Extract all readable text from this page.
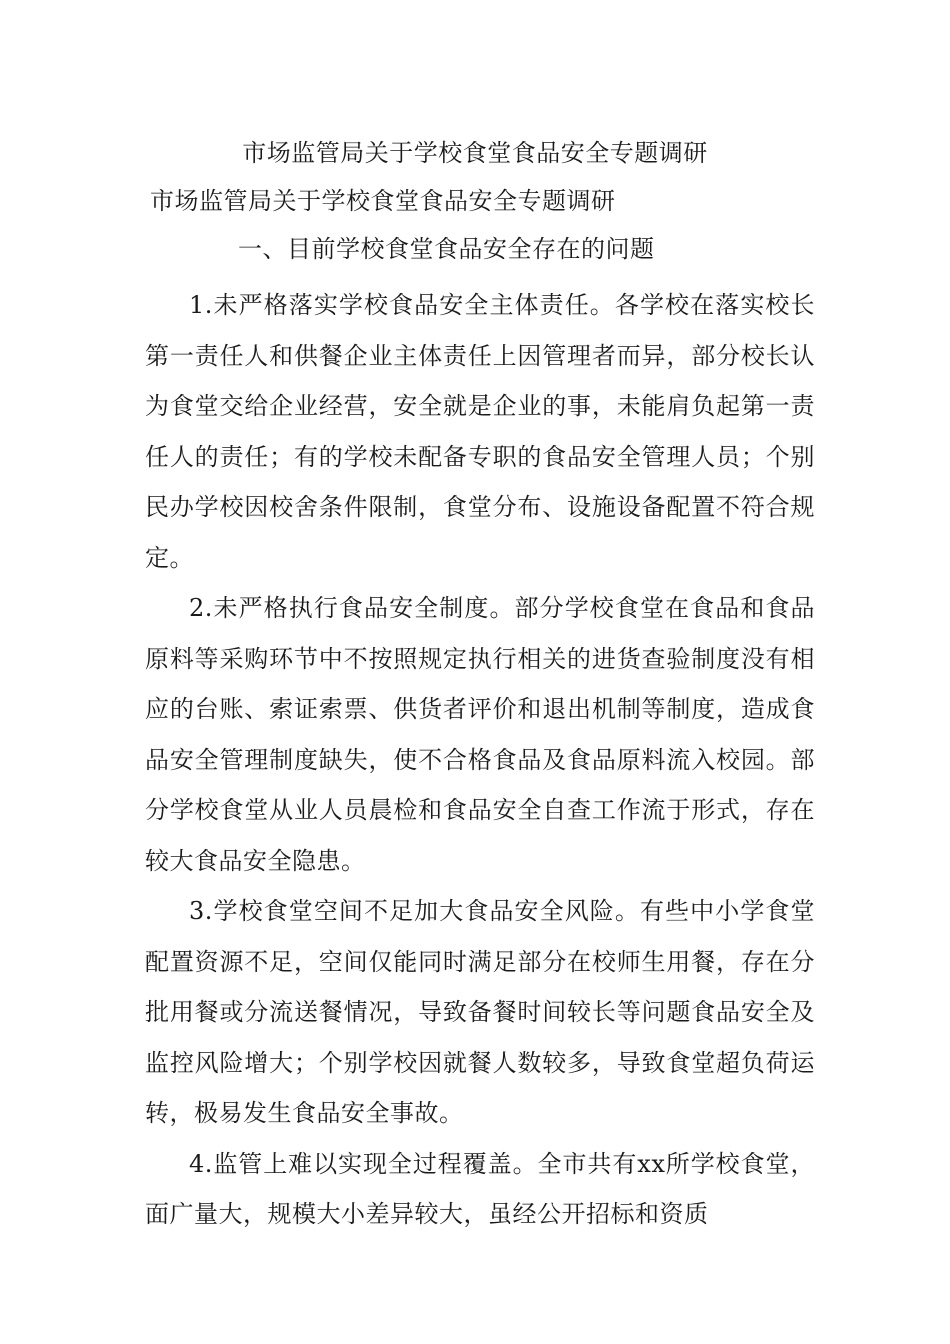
市场监管局关于学校食堂食品安全专题调研
市场监管局关于学校食堂食品安全专题调研
一、目前学校食堂食品安全存在的问题

1.未严格落实学校食品安全主体责任。各学校在落实校长第一责任人和供餐企业主体责任上因管理者而异，部分校长认为食堂交给企业经营，安全就是企业的事，未能肩负起第一责任人的责任；有的学校未配备专职的食品安全管理人员；个别民办学校因校舍条件限制，食堂分布、设施设备配置不符合规定。

2.未严格执行食品安全制度。部分学校食堂在食品和食品原料等采购环节中不按照规定执行相关的进货查验制度没有相应的台账、索证索票、供货者评价和退出机制等制度，造成食品安全管理制度缺失，使不合格食品及食品原料流入校园。部分学校食堂从业人员晨检和食品安全自查工作流于形式，存在较大食品安全隐患。

3.学校食堂空间不足加大食品安全风险。有些中小学食堂配置资源不足，空间仅能同时满足部分在校师生用餐，存在分批用餐或分流送餐情况，导致备餐时间较长等问题食品安全及监控风险增大；个别学校因就餐人数较多，导致食堂超负荷运转，极易发生食品安全事故。

4.监管上难以实现全过程覆盖。全市共有xx所学校食堂，面广量大，规模大小差异较大，虽经公开招标和资质
